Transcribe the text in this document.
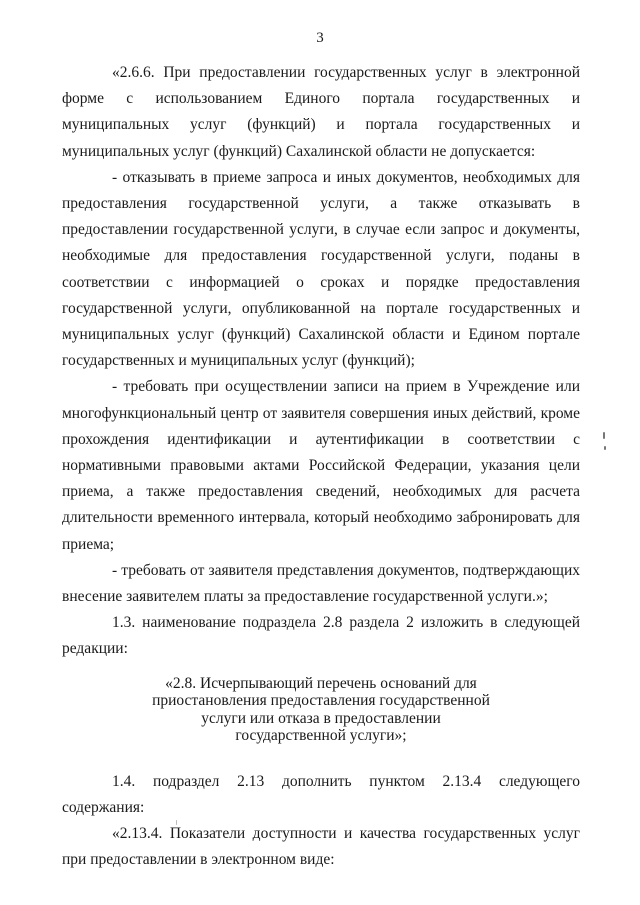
3

«2.6.6. При предоставлении государственных услуг в электронной форме с использованием Единого портала государственных и муниципальных услуг (функций) и портала государственных и муниципальных услуг (функций) Сахалинской области не допускается:

- отказывать в приеме запроса и иных документов, необходимых для предоставления государственной услуги, а также отказывать в предоставлении государственной услуги, в случае если запрос и документы, необходимые для предоставления государственной услуги, поданы в соответствии с информацией о сроках и порядке предоставления государственной услуги, опубликованной на портале государственных и муниципальных услуг (функций) Сахалинской области и Едином портале государственных и муниципальных услуг (функций);

- требовать при осуществлении записи на прием в Учреждение или многофункциональный центр от заявителя совершения иных действий, кроме прохождения идентификации и аутентификации в соответствии с нормативными правовыми актами Российской Федерации, указания цели приема, а также предоставления сведений, необходимых для расчета длительности временного интервала, который необходимо забронировать для приема;

- требовать от заявителя представления документов, подтверждающих внесение заявителем платы за предоставление государственной услуги.»;

1.3. наименование подраздела 2.8 раздела 2 изложить в следующей редакции:

«2.8. Исчерпывающий перечень оснований для
приостановления предоставления государственной
услуги или отказа в предоставлении
государственной услуги»;

1.4. подраздел 2.13 дополнить пунктом 2.13.4 следующего содержания:

«2.13.4. Показатели доступности и качества государственных услуг при предоставлении в электронном виде:
